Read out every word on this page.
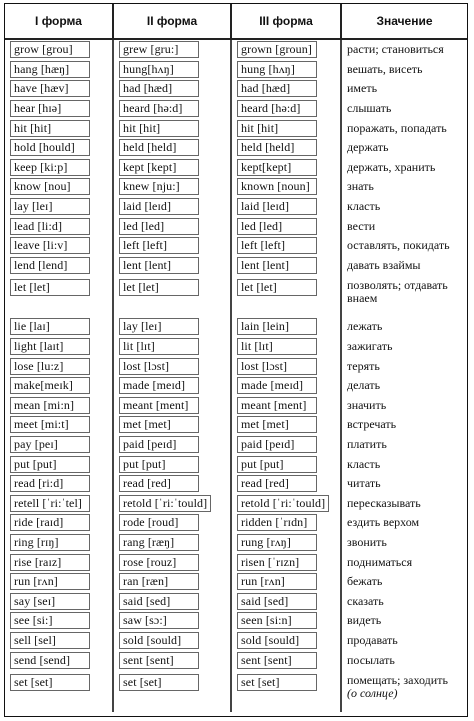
I форма	II форма	III форма	Значение
grow [grou]	grew [gru:]	grown [groun]	расти; становиться
hang [hæŋ]	hung[hʌŋ]	hung [hʌŋ]	вешать, висеть
have [hæv]	had [hæd]	had [hæd]	иметь
hear [hɪə]	heard [hə:d]	heard [hə:d]	слышать
hit [hit]	hit [hit]	hit [hit]	поражать, попадать
hold [hould]	held [held]	held [held]	держать
keep [ki:p]	kept [kept]	kept[kept]	держать, хранить
know [nou]	knew [nju:]	known [noun]	знать
lay [leɪ]	laid [leɪd]	laid [leɪd]	класть
lead [li:d]	led [led]	led [led]	вести
leave [li:v]	left [left]	left [left]	оставлять, покидать
lend [lend]	lent [lent]	lent [lent]	давать взаймы
let [let]	let [let]	let [let]	позволять; отдавать внаем
lie [laɪ]	lay [leɪ]	lain [lein]	лежать
light [laɪt]	lit [lɪt]	lit [lɪt]	зажигать
lose [lu:z]	lost [lɔst]	lost [lɔst]	терять
make[meɪk]	made [meɪd]	made [meɪd]	делать
mean [mi:n]	meant [ment]	meant [ment]	значить
meet [mi:t]	met [met]	met [met]	встречать
pay [peɪ]	paid [peɪd]	paid [peɪd]	платить
put [put]	put [put]	put [put]	класть
read [ri:d]	read [red]	read [red]	читать
retell [ˈri:ˈtel]	retold [ˈri:ˈtould]	retold [ˈri:ˈtould]	пересказывать
ride [raɪd]	rode [roud]	ridden [ˈrɪdn]	ездить верхом
ring [rɪŋ]	rang [ræŋ]	rung [rʌŋ]	звонить
rise [raɪz]	rose [rouz]	risen [ˈrɪzn]	подниматься
run [rʌn]	ran [ræn]	run [rʌn]	бежать
say [seɪ]	said [sed]	said [sed]	сказать
see [si:]	saw [sɔ:]	seen [si:n]	видеть
sell [sel]	sold [sould]	sold [sould]	продавать
send [send]	sent [sent]	sent [sent]	посылать
set [set]	set [set]	set [set]	помещать; заходить
(о солнце)
